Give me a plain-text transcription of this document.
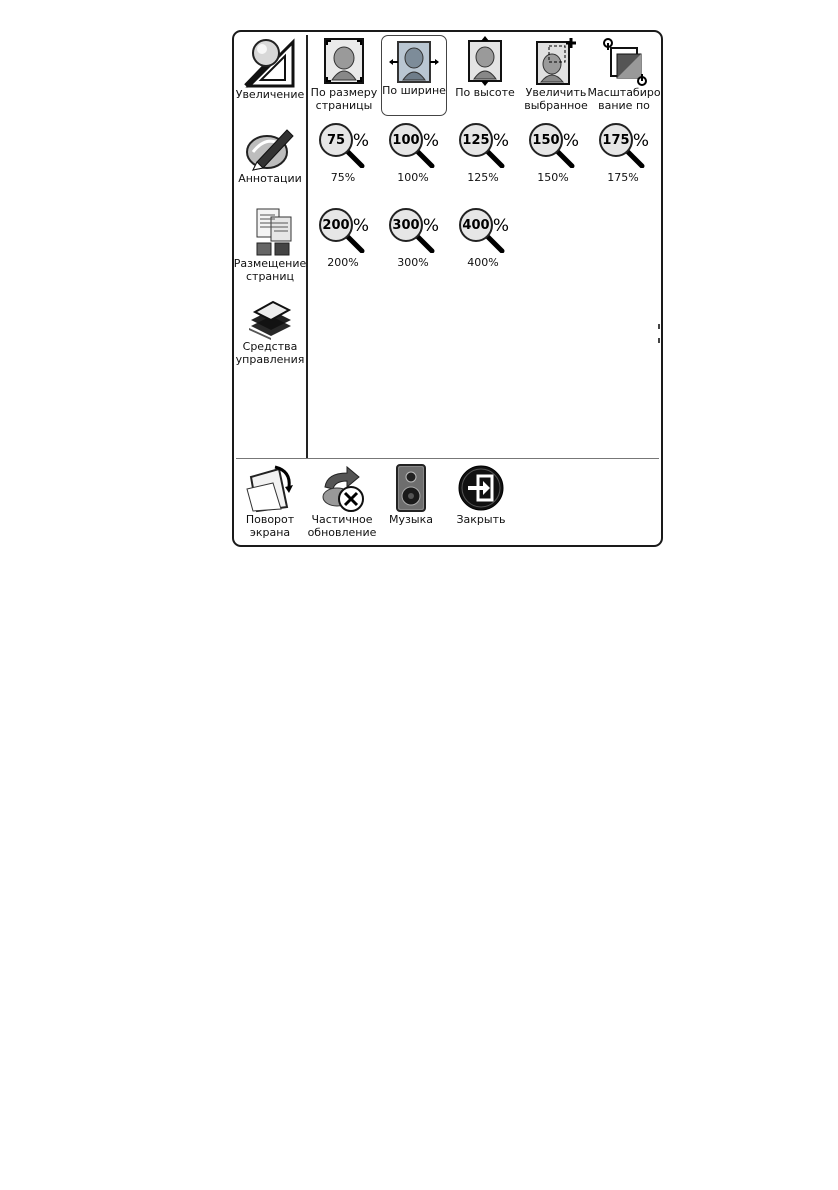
Увеличение
Аннотации
Размещение
страниц
Средства
управления
По размеру
страницы
По ширине По высоте Увеличить
выбранное
Масштабиро
вание по
75 %
75%
100 %
100%
125 %
125%
150 %
150%
175 %
175%
200 %
200%
300 %
300%
400 %
400%
Поворот
экрана
Частичное
обновление
Музыка Закрыть
